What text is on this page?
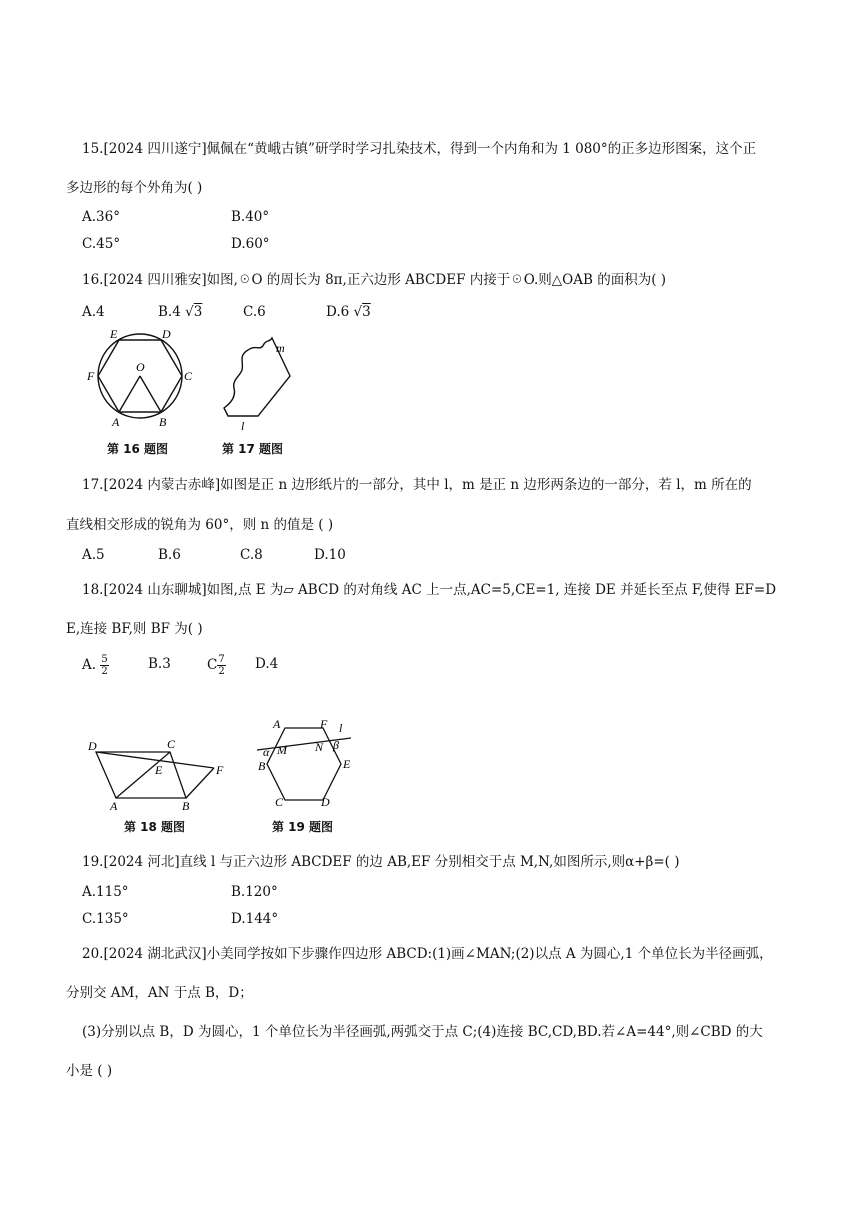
15.[2024 四川遂宁]佩佩在“黄峨古镇”研学时学习扎染技术，得到一个内角和为 1 080°的正多边形图案，这个正
多边形的每个外角为( )
A.36°	B.40°
C.45°	D.60°
16.[2024 四川雅安]如图,☉O 的周长为 8π,正六边形 ABCDEF 内接于☉O.则△OAB 的面积为( )
A.4	B.4 √3	C.6	D.6 √3
E	D
F
O
C
A	B
第 16 题图
m
l
第 17 题图
17.[2024 内蒙古赤峰]如图是正 n 边形纸片的一部分，其中 l，m 是正 n 边形两条边的一部分，若 l，m 所在的
直线相交形成的锐角为 60°，则 n 的值是 ( )
A.5	B.6	C.8	D.10
18.[2024 山东聊城]如图,点 E 为▱ ABCD 的对角线 AC 上一点,AC=5,CE=1, 连接 DE 并延长至点 F,使得 EF=D
E,连接 BF,则 BF 为( )
A. $\frac{5}{2}$	B.3	C $\frac{7}{2} D.4$
D	C
E	F
A	B
第 18 题图
A	F l
α M N β
B	E
C	D
第 19 题图
19.[2024 河北]直线 l 与正六边形 ABCDEF 的边 AB,EF 分别相交于点 M,N,如图所示,则α+β=( )
A.115°	B.120°
C.135°	D.144°
20.[2024 湖北武汉]小美同学按如下步骤作四边形 ABCD:(1)画∠MAN;(2)以点 A 为圆心,1 个单位长为半径画弧，
分别交 AM，AN 于点 B，D；
(3)分别以点 B，D 为圆心，1 个单位长为半径画弧,两弧交于点 C;(4)连接 BC,CD,BD.若∠A=44°,则∠CBD 的大
小是 ( )
